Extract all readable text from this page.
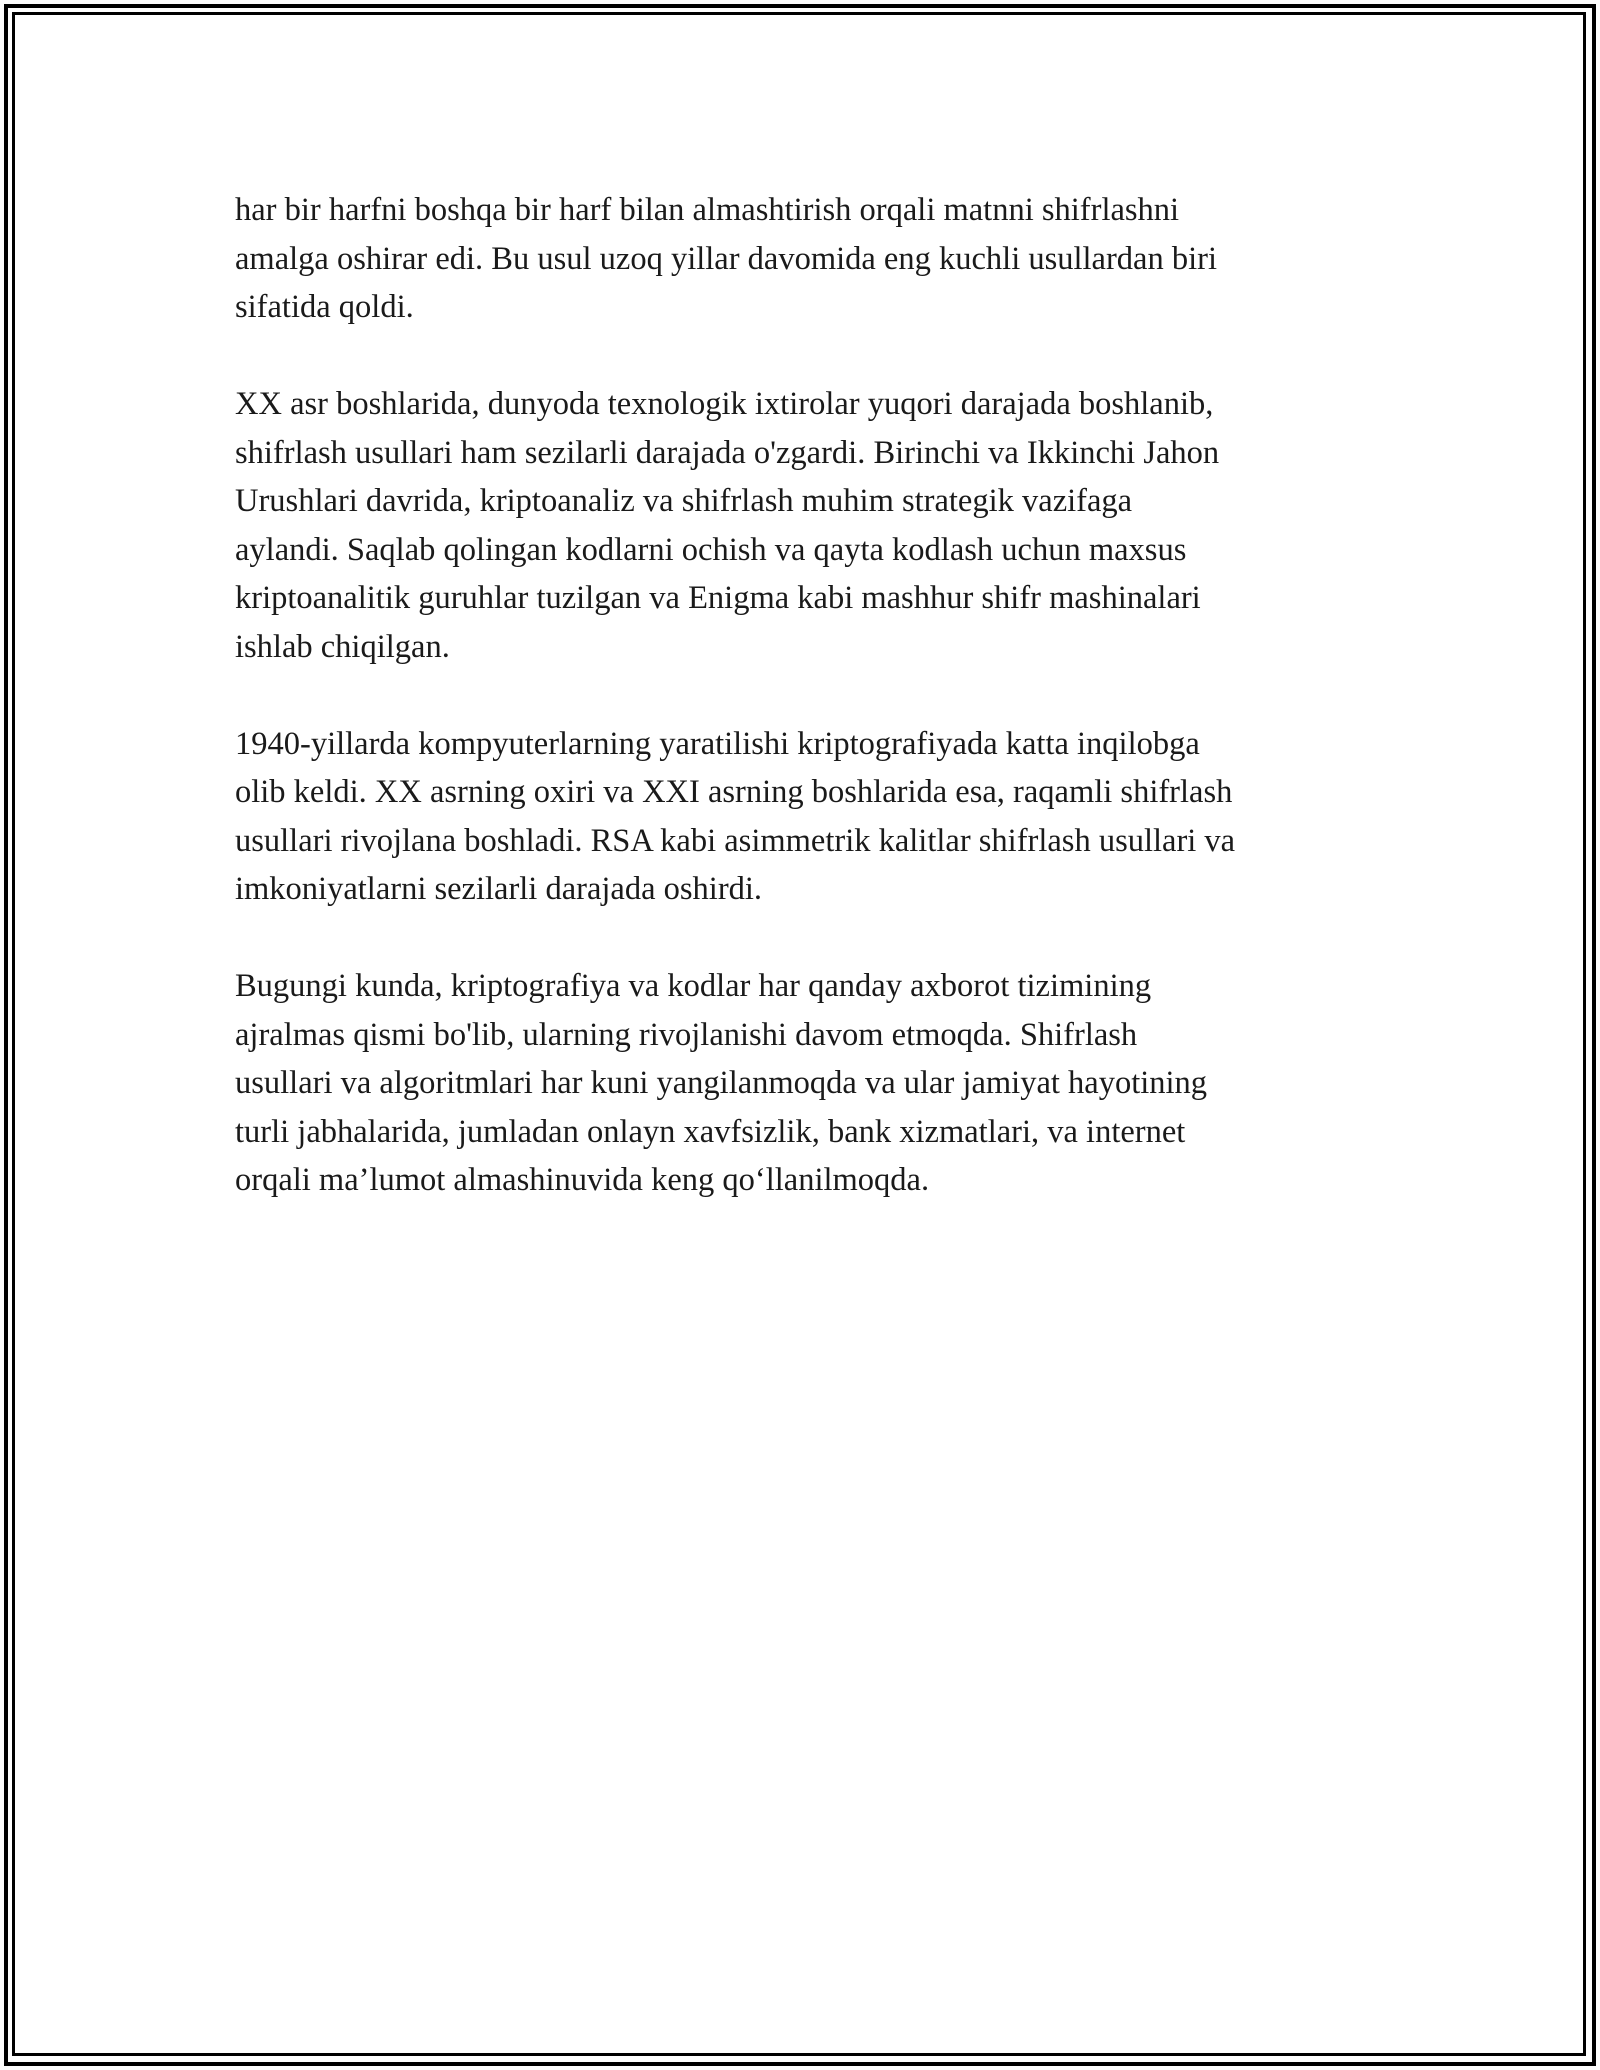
har bir harfni boshqa bir harf bilan almashtirish orqali matnni shifrlashni
amalga oshirar edi. Bu usul uzoq yillar davomida eng kuchli usullardan biri
sifatida qoldi.

XX asr boshlarida, dunyoda texnologik ixtirolar yuqori darajada boshlanib,
shifrlash usullari ham sezilarli darajada o'zgardi. Birinchi va Ikkinchi Jahon
Urushlari davrida, kriptoanaliz va shifrlash muhim strategik vazifaga
aylandi. Saqlab qolingan kodlarni ochish va qayta kodlash uchun maxsus
kriptoanalitik guruhlar tuzilgan va Enigma kabi mashhur shifr mashinalari
ishlab chiqilgan.

1940-yillarda kompyuterlarning yaratilishi kriptografiyada katta inqilobga
olib keldi. XX asrning oxiri va XXI asrning boshlarida esa, raqamli shifrlash
usullari rivojlana boshladi. RSA kabi asimmetrik kalitlar shifrlash usullari va
imkoniyatlarni sezilarli darajada oshirdi.

Bugungi kunda, kriptografiya va kodlar har qanday axborot tizimining
ajralmas qismi bo'lib, ularning rivojlanishi davom etmoqda. Shifrlash
usullari va algoritmlari har kuni yangilanmoqda va ular jamiyat hayotining
turli jabhalarida, jumladan onlayn xavfsizlik, bank xizmatlari, va internet
orqali ma’lumot almashinuvida keng qo‘llanilmoqda.
